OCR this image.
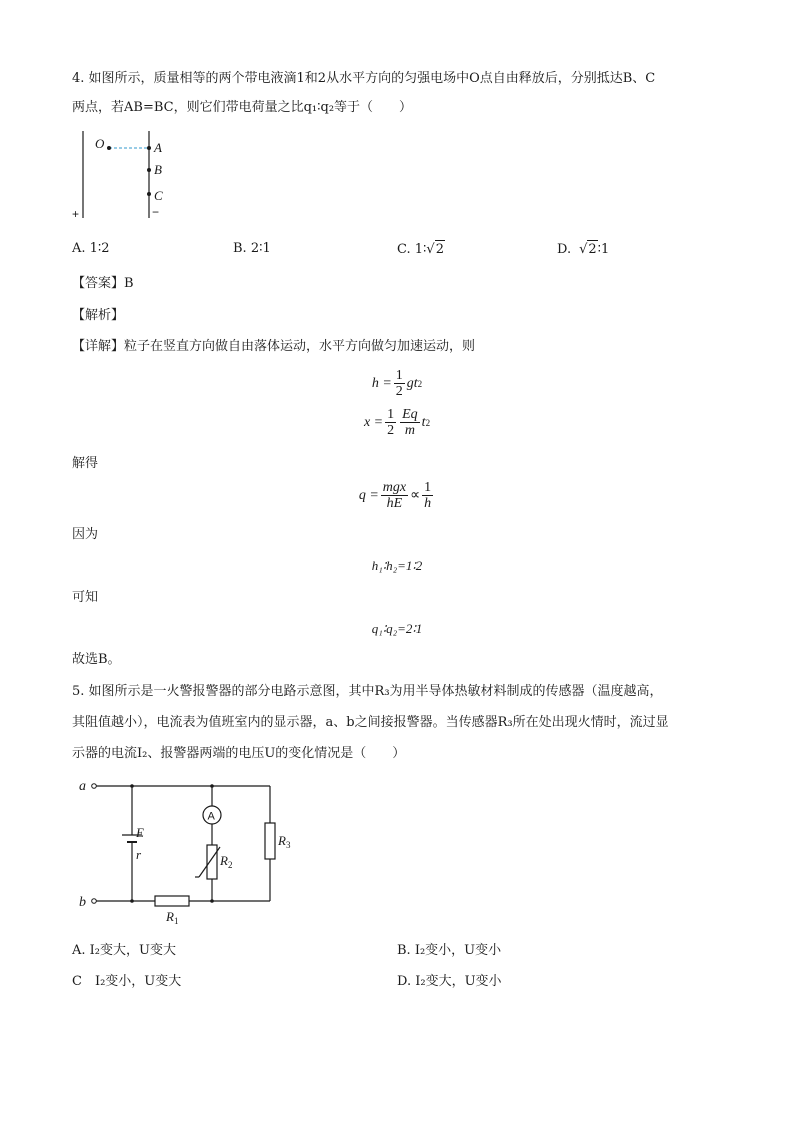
4. 如图所示，质量相等的两个带电液滴1和2从水平方向的匀强电场中O点自由释放后，分别抵达B、C
两点，若AB=BC，则它们带电荷量之比q₁∶q₂等于（　　）
O	A
B
C
+	−
A. 1∶2	B. 2∶1	C. 1∶ √ 2	D. √ 2 ∶1
【答案】B
【解析】
【详解】粒子在竖直方向做自由落体运动，水平方向做匀加速运动，则
$h = \frac{1}{2}$ gt 2
$x = \frac{1}{2} \frac{Eq}{m}$ t 2
解得
$q = \frac{\text{mgx}}{hE} \propto \frac{1}{h}$
因为
h₁∶h₂=1∶2
可知
q₁∶q₂=2∶1
故选B。
5. 如图所示是一火警报警器的部分电路示意图，其中R₃为用半导体热敏材料制成的传感器（温度越高，
其阻值越小），电流表为值班室内的显示器，a、b之间接报警器。当传感器R₃所在处出现火情时，流过显
示器的电流I₂、报警器两端的电压U的变化情况是（　　）
a
b
E
r
A
$R_2$
$R_3$
$R_1$
A. I₂变大，U变大	B. I₂变小，U变小
C　I₂变小，U变大	D. I₂变大，U变小
